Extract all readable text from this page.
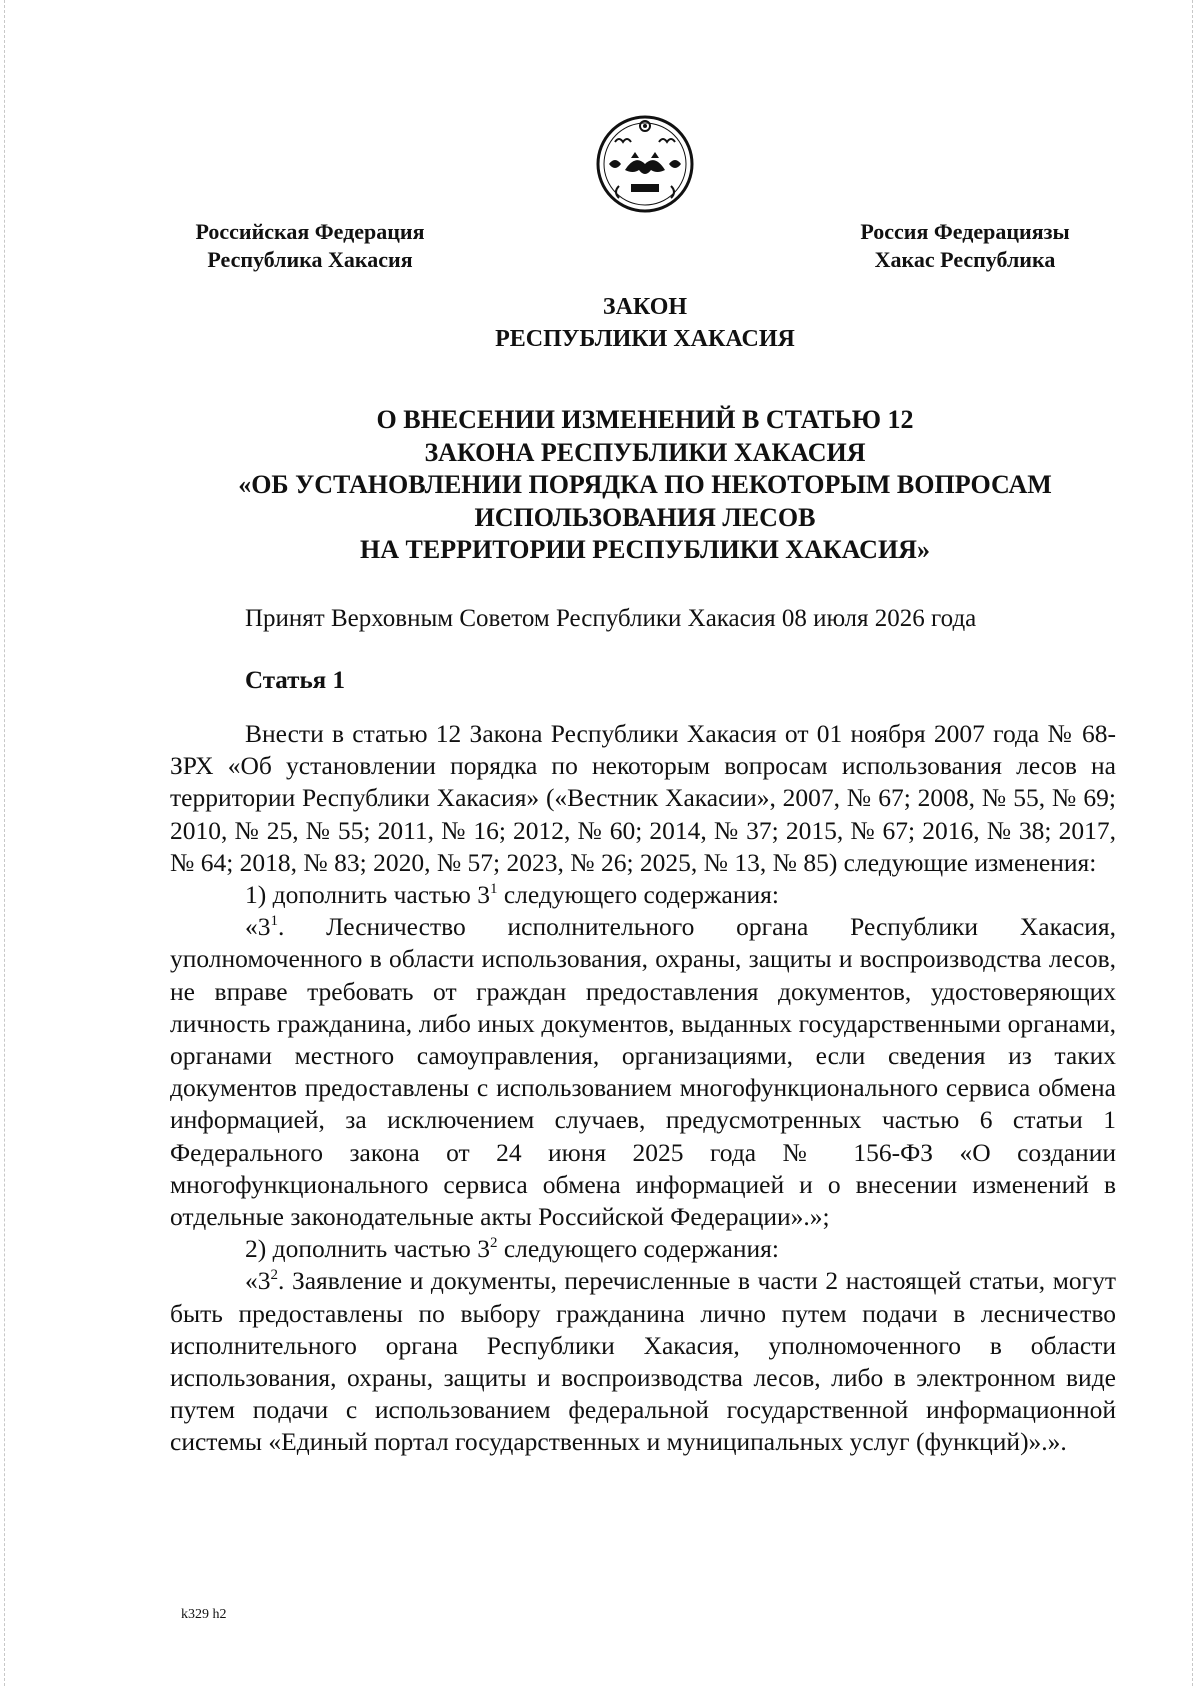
Российская Федерация
Республика Хакасия
Россия Федерациязы
Хакас Республика
ЗАКОН
РЕСПУБЛИКИ ХАКАСИЯ
О ВНЕСЕНИИ ИЗМЕНЕНИЙ В СТАТЬЮ 12
ЗАКОНА РЕСПУБЛИКИ ХАКАСИЯ
«ОБ УСТАНОВЛЕНИИ ПОРЯДКА ПО НЕКОТОРЫМ ВОПРОСАМ
ИСПОЛЬЗОВАНИЯ ЛЕСОВ
НА ТЕРРИТОРИИ РЕСПУБЛИКИ ХАКАСИЯ»
Принят Верховным Советом Республики Хакасия 08 июля 2026 года
Статья 1

Внести в статью 12 Закона Республики Хакасия от 01 ноября 2007 года № 68-ЗРХ «Об установлении порядка по некоторым вопросам использования лесов на территории Республики Хакасия» («Вестник Хакасии», 2007, № 67; 2008, № 55, № 69; 2010, № 25, № 55; 2011, № 16; 2012, № 60; 2014, № 37; 2015, № 67; 2016, № 38; 2017, № 64; 2018, № 83; 2020, № 57; 2023, № 26; 2025, № 13, № 85) следующие изменения:

1) дополнить частью $3^1$ следующего содержания:

«$3^1$. Лесничество исполнительного органа Республики Хакасия, уполномоченного в области использования, охраны, защиты и воспроизводства лесов, не вправе требовать от граждан предоставления документов, удостоверяющих личность гражданина, либо иных документов, выданных государственными органами, органами местного самоуправления, организациями, если сведения из таких документов предоставлены с использованием многофункционального сервиса обмена информацией, за исключением случаев, предусмотренных частью 6 статьи 1 Федерального закона от 24 июня 2025 года № 156-ФЗ «О создании многофункционального сервиса обмена информацией и о внесении изменений в отдельные законодательные акты Российской Федерации».»;

2) дополнить частью $3^2$ следующего содержания:

«$3^2$. Заявление и документы, перечисленные в части 2 настоящей статьи, могут быть предоставлены по выбору гражданина лично путем подачи в лесничество исполнительного органа Республики Хакасия, уполномоченного в области использования, охраны, защиты и воспроизводства лесов, либо в электронном виде путем подачи с использованием федеральной государственной информационной системы «Единый портал государственных и муниципальных услуг (функций)».».

k329 h2
